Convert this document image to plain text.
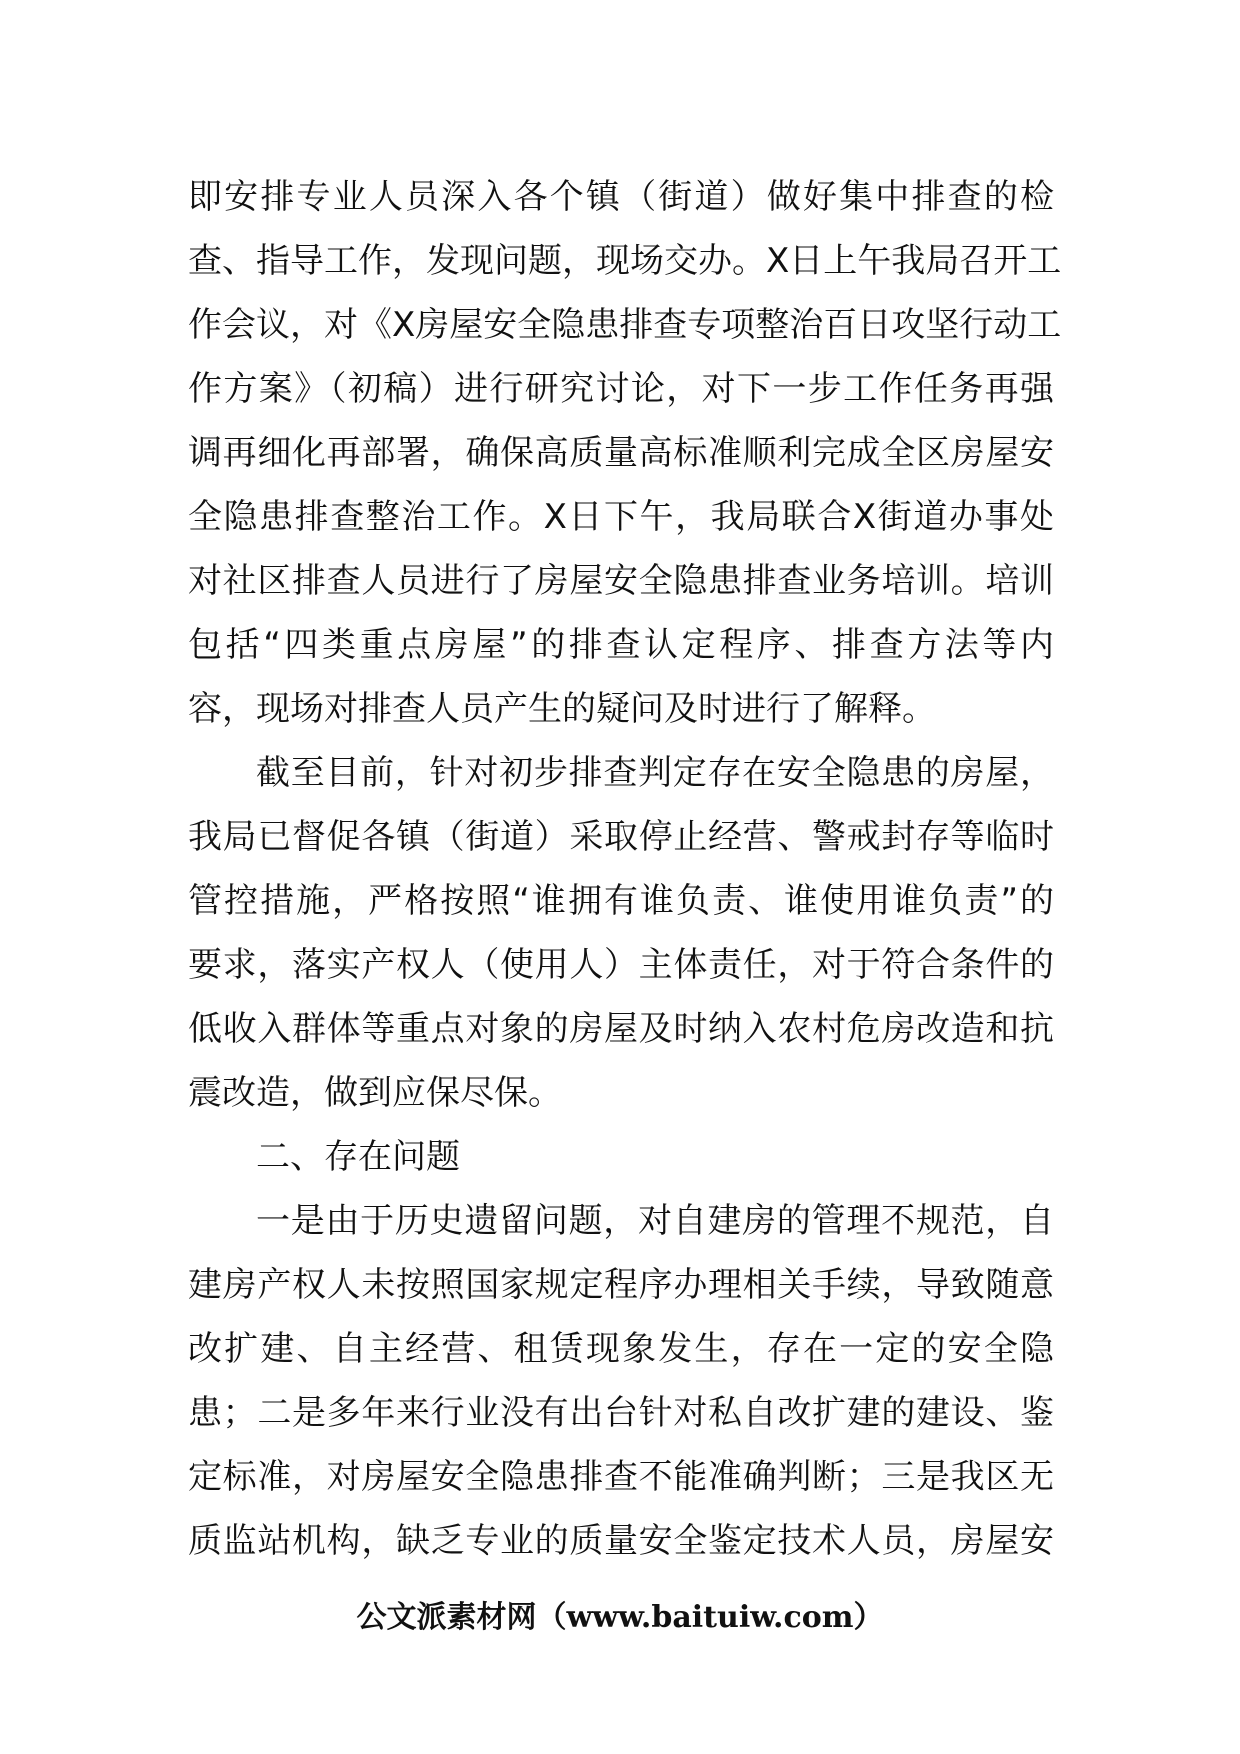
即安排专业人员深入各个镇（街道）做好集中排查的检
查、指导工作，发现问题，现场交办。X日上午我局召开工
作会议，对《X房屋安全隐患排查专项整治百日攻坚行动工
作方案》（初稿）进行研究讨论，对下一步工作任务再强
调再细化再部署，确保高质量高标准顺利完成全区房屋安
全隐患排查整治工作。X日下午，我局联合X街道办事处
对社区排查人员进行了房屋安全隐患排查业务培训。培训
包括“四类重点房屋”的排查认定程序、排查方法等内
容，现场对排查人员产生的疑问及时进行了解释。
截至目前，针对初步排查判定存在安全隐患的房屋，
我局已督促各镇（街道）采取停止经营、警戒封存等临时
管控措施，严格按照“谁拥有谁负责、谁使用谁负责”的
要求，落实产权人（使用人）主体责任，对于符合条件的
低收入群体等重点对象的房屋及时纳入农村危房改造和抗
震改造，做到应保尽保。
二、存在问题
一是由于历史遗留问题，对自建房的管理不规范，自
建房产权人未按照国家规定程序办理相关手续，导致随意
改扩建、自主经营、租赁现象发生，存在一定的安全隐
患；二是多年来行业没有出台针对私自改扩建的建设、鉴
定标准，对房屋安全隐患排查不能准确判断；三是我区无
质监站机构，缺乏专业的质量安全鉴定技术人员，房屋安
公文派素材网（www.baituiw.com）
